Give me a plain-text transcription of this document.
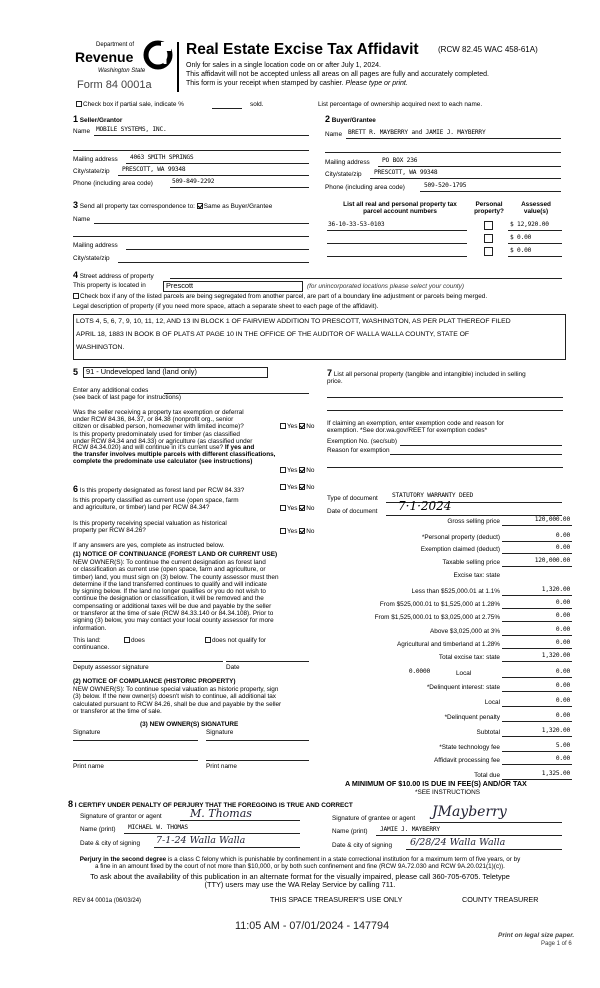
Department of
Revenue
Washington State
Form 84 0001a
Real Estate Excise Tax Affidavit (RCW 82.45 WAC 458-61A)
Only for sales in a single location code on or after July 1, 2024.
This affidavit will not be accepted unless all areas on all pages are fully and accurately completed.
This form is your receipt when stamped by cashier. Please type or print.
Check box if partial sale, indicate %	sold.	List percentage of ownership acquired next to each name.
1 Seller/Grantor
Name MOBILE SYSTEMS, INC.
Mailing address 4063 SMITH SPRINGS
City/state/zip PRESCOTT, WA 99348
Phone (including area code)	509-849-2292
2 Buyer/Grantee
Name BRETT R. MAYBERRY and JAMIE J. MAYBERRY
Mailing address PO BOX 236
City/state/zip PRESCOTT, WA 99348
Phone (including area code)	509-520-1795
3 Send all property tax correspondence to: Same as Buyer/Grantee
Name
Mailing address
City/state/zip
List all real and personal property tax
parcel account numbers
Personal
property?
Assessed
value(s)
36-10-33-53-0103	$ 12,920.00
$ 0.00
$ 0.00
4 Street address of property
This property is located in	Prescott	(for unincorporated locations please select your county)
Check box if any of the listed parcels are being segregated from another parcel, are part of a boundary line adjustment or parcels being merged.
Legal description of property (if you need more space, attach a separate sheet to each page of the affidavit).
LOTS 4, 5, 6, 7, 9, 10, 11, 12, AND 13 IN BLOCK 1 OF FAIRVIEW ADDITION TO PRESCOTT, WASHINGTON, AS PER PLAT THEREOF FILED
APRIL 18, 1883 IN BOOK B OF PLATS AT PAGE 10 IN THE OFFICE OF THE AUDITOR OF WALLA WALLA COUNTY, STATE OF
WASHINGTON.
5 91 - Undeveloped land (land only)
Enter any additional codes
(see back of last page for instructions)
Was the seller receiving a property tax exemption or deferral
under RCW 84.36, 84.37, or 84.38 (nonprofit org., senior
citizen or disabled person, homeowner with limited income)?	Yes No
Is this property predominately used for timber (as classified
under RCW 84.34 and 84.33) or agriculture (as classified under
RCW 84.34.020) and will continue in it's current use? If yes and
the transfer involves multiple parcels with different classifications,
complete the predominate use calculator (see instructions)
Yes No
6 Is this property designated as forest land per RCW 84.33?	Yes No
Is this property classified as current use (open space, farm
and agriculture, or timber) land per RCW 84.34?	Yes No
Is this property receiving special valuation as historical
property per RCW 84.26?	Yes No
If any answers are yes, complete as instructed below.
(1) NOTICE OF CONTINUANCE (FOREST LAND OR CURRENT USE)
NEW OWNER(S): To continue the current designation as forest land
or classification as current use (open space, farm and agriculture, or
timber) land, you must sign on (3) below. The county assessor must then
determine if the land transferred continues to qualify and will indicate
by signing below. If the land no longer qualifies or you do not wish to
continue the designation or classification, it will be removed and the
compensating or additional taxes will be due and payable by the seller
or transferor at the time of sale (RCW 84.33.140 or 84.34.108). Prior to
signing (3) below, you may contact your local county assessor for more
information.
This land:
continuance.
does	does not qualify for
Deputy assessor signature	Date
(2) NOTICE OF COMPLIANCE (HISTORIC PROPERTY)
NEW OWNER(S): To continue special valuation as historic property, sign
(3) below. If the new owner(s) doesn't wish to continue, all additional tax
calculated pursuant to RCW 84.26, shall be due and payable by the seller
or transferor at the time of sale.
(3) NEW OWNER(S) SIGNATURE
Signature	Signature
Print name	Print name
7 List all personal property (tangible and intangible) included in selling
price.
If claiming an exemption, enter exemption code and reason for
exemption. *See dor.wa.gov/REET for exemption codes*
Exemption No. (sec/sub)
Reason for exemption
Type of document STATUTORY WARRANTY DEED
Date of document 7·1·2024
Gross selling price	120,000.00
*Personal property (deduct)	0.00
Exemption claimed (deduct)	0.00
Taxable selling price	120,000.00
Excise tax: state
Less than $525,000.01 at 1.1%	1,320.00
From $525,000.01 to $1,525,000 at 1.28%	0.00
From $1,525,000.01 to $3,025,000 at 2.75%	0.00
Above $3,025,000 at 3%	0.00
Agricultural and timberland at 1.28%	0.00
Total excise tax: state	1,320.00
0.0000	Local	0.00
*Delinquent interest: state	0.00
Local	0.00
*Delinquent penalty	0.00
Subtotal	1,320.00
*State technology fee	5.00
Affidavit processing fee	0.00
Total due	1,325.00
A MINIMUM OF $10.00 IS DUE IN FEE(S) AND/OR TAX
*SEE INSTRUCTIONS
8 I CERTIFY UNDER PENALTY OF PERJURY THAT THE FOREGOING IS TRUE AND CORRECT
Signature of grantor or agent	M. Thomas
Name (print) MICHAEL W. THOMAS
Date & city of signing 7-1-24 Walla Walla
Signature of grantee or agent JMayberry
Name (print) JAMIE J. MAYBERRY
Date & city of signing 6/28/24 Walla Walla
Perjury in the second degree is a class C felony which is punishable by confinement in a state correctional institution for a maximum term of five years, or by
a fine in an amount fixed by the court of not more than $10,000, or by both such confinement and fine (RCW 9A.72.030 and RCW 9A.20.021(1)(c)).
To ask about the availability of this publication in an alternate format for the visually impaired, please call 360-705-6705. Teletype
(TTY) users may use the WA Relay Service by calling 711.
REV 84 0001a (06/03/24)	THIS SPACE TREASURER'S USE ONLY	COUNTY TREASURER
11:05 AM - 07/01/2024 - 147794
Print on legal size paper.
Page 1 of 6
